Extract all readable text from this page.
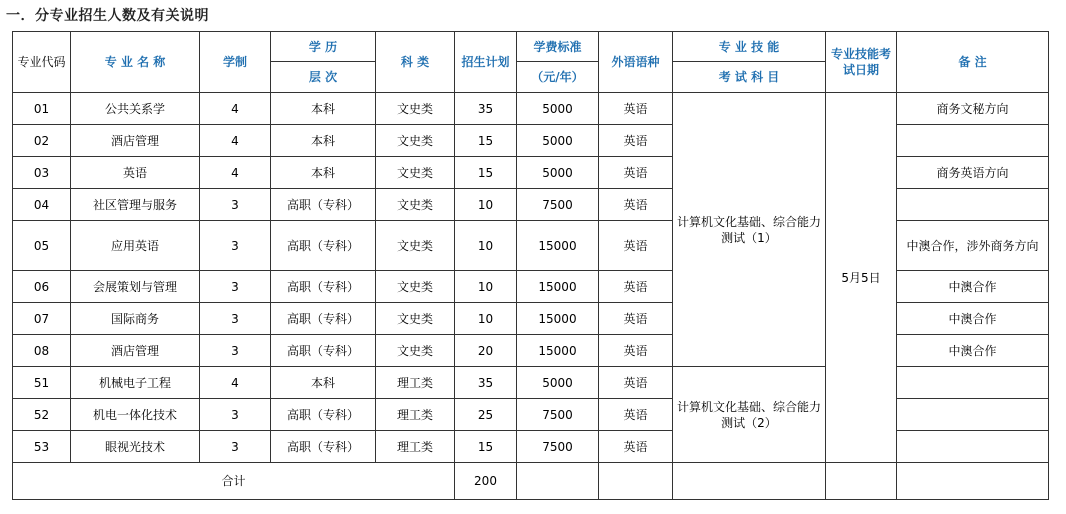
一．分专业招生人数及有关说明
专业代码	专 业 名 称	学制	学 历	科 类	招生计划	学费标准	外语语种	专 业 技 能	专业技能考试日期	备 注
			层 次			（元/年）		考 试 科 目		
01	公共关系学	4	本科	文史类	35	5000	英语	计算机文化基础、综合能力测试（1）	5月5日	商务文秘方向
02	酒店管理	4	本科	文史类	15	5000	英语			
03	英语	4	本科	文史类	15	5000	英语			商务英语方向
04	社区管理与服务	3	高职（专科）	文史类	10	7500	英语			
05	应用英语	3	高职（专科）	文史类	10	15000	英语			中澳合作，涉外商务方向
06	会展策划与管理	3	高职（专科）	文史类	10	15000	英语			中澳合作
07	国际商务	3	高职（专科）	文史类	10	15000	英语			中澳合作
08	酒店管理	3	高职（专科）	文史类	20	15000	英语			中澳合作
51	机械电子工程	4	本科	理工类	35	5000	英语	计算机文化基础、综合能力测试（2）		
52	机电一体化技术	3	高职（专科）	理工类	25	7500	英语			
53	眼视光技术	3	高职（专科）	理工类	15	7500	英语			
合计					200					
